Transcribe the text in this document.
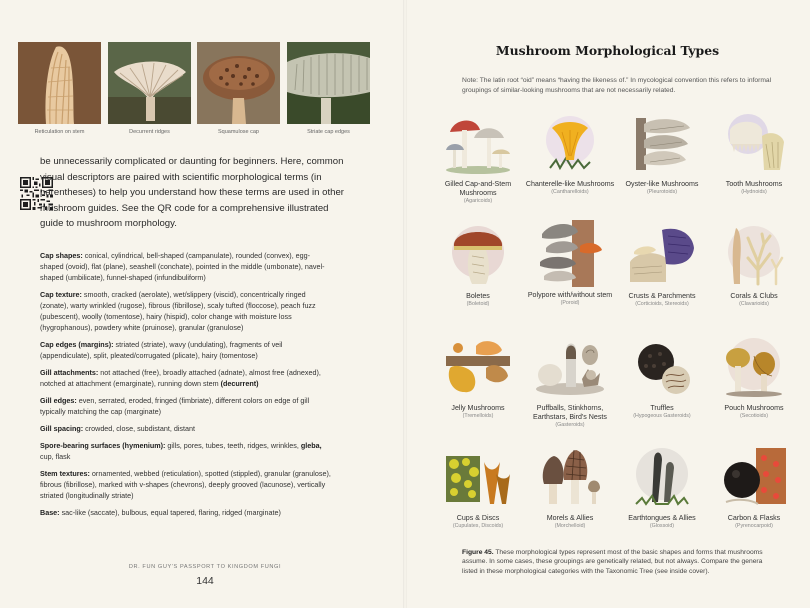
Reticulation on stem	Decurrent ridges	Squamulose cap	Striate cap edges
be unnecessarily complicated or daunting for beginners. Here, common visual descriptors are paired with scientific morphological terms (in parentheses) to help you understand how these terms are used in other mushroom guides. See the QR code for a comprehensive illustrated guide to mushroom morphology.

Cap shapes: conical, cylindrical, bell-shaped (campanulate), rounded (convex), egg-shaped (ovoid), flat (plane), seashell (conchate), pointed in the middle (umbonate), navel-shaped (umbilicate), funnel-shaped (infundibuliform)

Cap texture: smooth, cracked (aerolate), wet/slippery (viscid), concentrically ringed (zonate), warty wrinkled (rugose), fibrous (fibrillose), scaly tufted (floccose), peach fuzz (pubescent), woolly (tomentose), hairy (hispid), color change with moisture loss (hygrophanous), powdery white (pruinose), granular (granulose)

Cap edges (margins): striated (striate), wavy (undulating), fragments of veil (appendiculate), split, pleated/corrugated (plicate), hairy (tomentose)

Gill attachments: not attached (free), broadly attached (adnate), almost free (adnexed), notched at attachment (emarginate), running down stem (decurrent)

Gill edges: even, serrated, eroded, fringed (fimbriate), different colors on edge of gill typically matching the cap (marginate)

Gill spacing: crowded, close, subdistant, distant

Spore-bearing surfaces (hymenium): gills, pores, tubes, teeth, ridges, wrinkles, gleba, cup, flask

Stem textures: ornamented, webbed (reticulation), spotted (stippled), granular (granulose), fibrous (fibrillose), marked with v-shapes (chevrons), deeply grooved (lacunose), vertically striated (longitudinally striate)

Base: sac-like (saccate), bulbous, equal tapered, flaring, ridged (marginate)

DR. FUN GUY'S PASSPORT TO KINGDOM FUNGI
144
Mushroom Morphological Types
Note: The latin root “oid” means “having the likeness of.” In mycological convention this refers to informal groupings of similar-looking mushrooms that are not necessarily related.
Gilled Cap-and-Stem Mushrooms
(Agaricoids)
Chanterelle-like Mushrooms
(Cantharelloids)
Oyster-like Mushrooms
(Pleurotoids)
Tooth Mushrooms
(Hydnoids)
Boletes
(Boletoid)
Polypore with/without stem
(Poroid)
Crusts & Parchments
(Corticioids, Stereoids)
Corals & Clubs
(Clavarioids)
Jelly Mushrooms
(Tremelloids)
Puffballs, Stinkhorns, Earthstars, Bird's Nests
(Gasteroids)
Truffles
(Hypogeous Gasteroids)
Pouch Mushrooms
(Secotioids)
Cups & Discs
(Cupulates, Discoids)
Morels & Allies
(Morchelloid)
Earthtongues & Allies
(Glossoid)
Carbon & Flasks
(Pyrenocarpoid)
Figure 45. These morphological types represent most of the basic shapes and forms that mushrooms assume. In some cases, these groupings are genetically related, but not always. Compare the genera listed in these morphological categories with the Taxonomic Tree (see inside cover).
